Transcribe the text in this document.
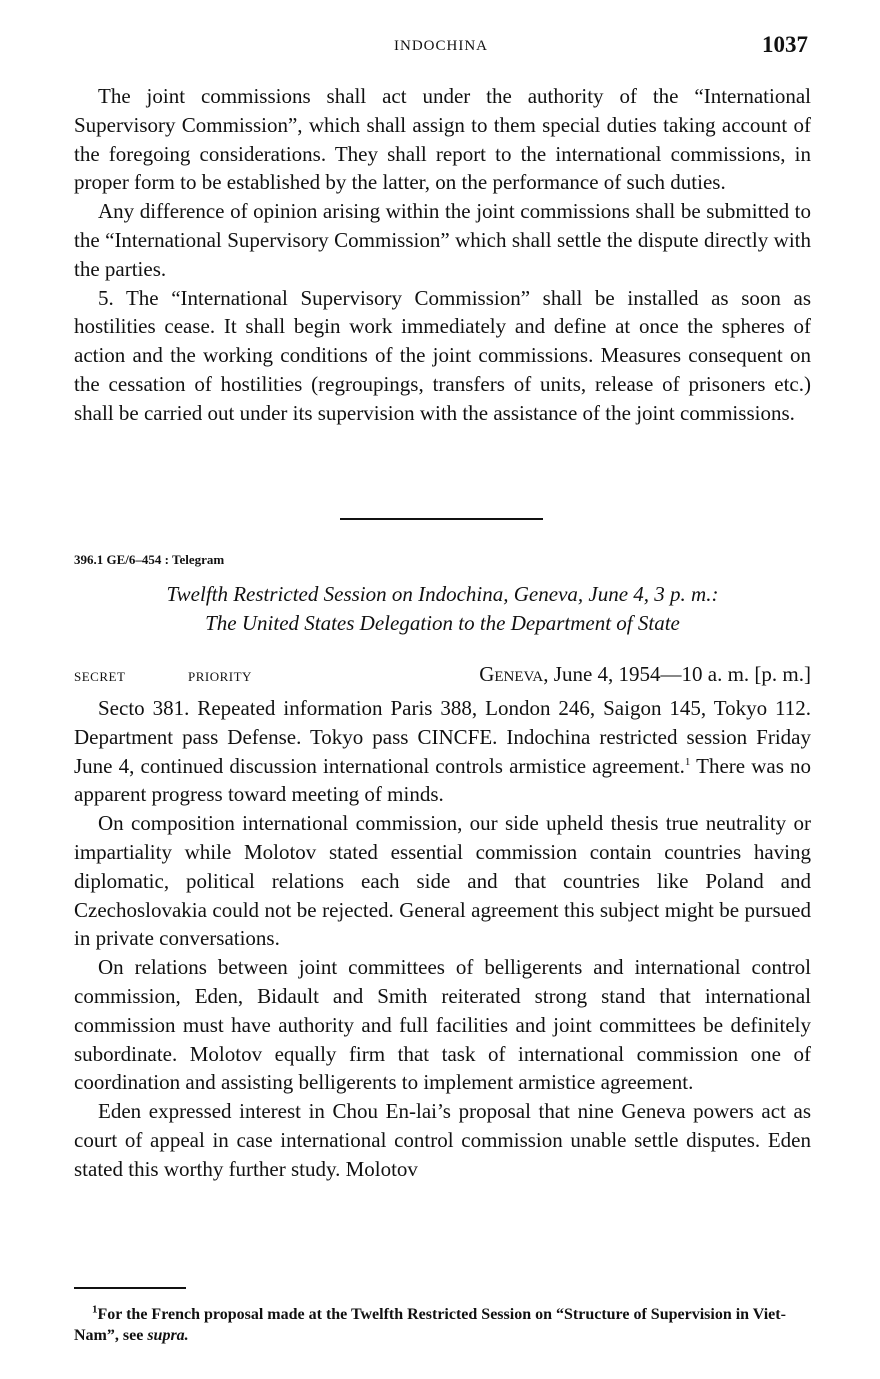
INDOCHINA	1037

The joint commissions shall act under the authority of the “International Supervisory Commission”, which shall assign to them special duties taking account of the foregoing considerations. They shall report to the international commissions, in proper form to be established by the latter, on the performance of such duties.

Any difference of opinion arising within the joint commissions shall be submitted to the “International Supervisory Commission” which shall settle the dispute directly with the parties.

5. The “International Supervisory Commission” shall be installed as soon as hostilities cease. It shall begin work immediately and define at once the spheres of action and the working conditions of the joint commissions. Measures consequent on the cessation of hostilities (regroupings, transfers of units, release of prisoners etc.) shall be carried out under its supervision with the assistance of the joint commissions.

396.1 GE/6–454 : Telegram
Twelfth Restricted Session on Indochina, Geneva, June 4, 3 p. m.:
The United States Delegation to the Department of State
SECRET	PRIORITY	Geneva, June 4, 1954—10 a. m. [p. m.]

Secto 381. Repeated information Paris 388, London 246, Saigon 145, Tokyo 112. Department pass Defense. Tokyo pass CINCFE. Indochina restricted session Friday June 4, continued discussion international controls armistice agreement.$^1$ There was no apparent progress toward meeting of minds.

On composition international commission, our side upheld thesis true neutrality or impartiality while Molotov stated essential commission contain countries having diplomatic, political relations each side and that countries like Poland and Czechoslovakia could not be rejected. General agreement this subject might be pursued in private conversations.

On relations between joint committees of belligerents and international control commission, Eden, Bidault and Smith reiterated strong stand that international commission must have authority and full facilities and joint committees be definitely subordinate. Molotov equally firm that task of international commission one of coordination and assisting belligerents to implement armistice agreement.

Eden expressed interest in Chou En-lai’s proposal that nine Geneva powers act as court of appeal in case international control commission unable settle disputes. Eden stated this worthy further study. Molotov

$^1$For the French proposal made at the Twelfth Restricted Session on “Structure of Supervision in Viet-Nam”, see supra.
